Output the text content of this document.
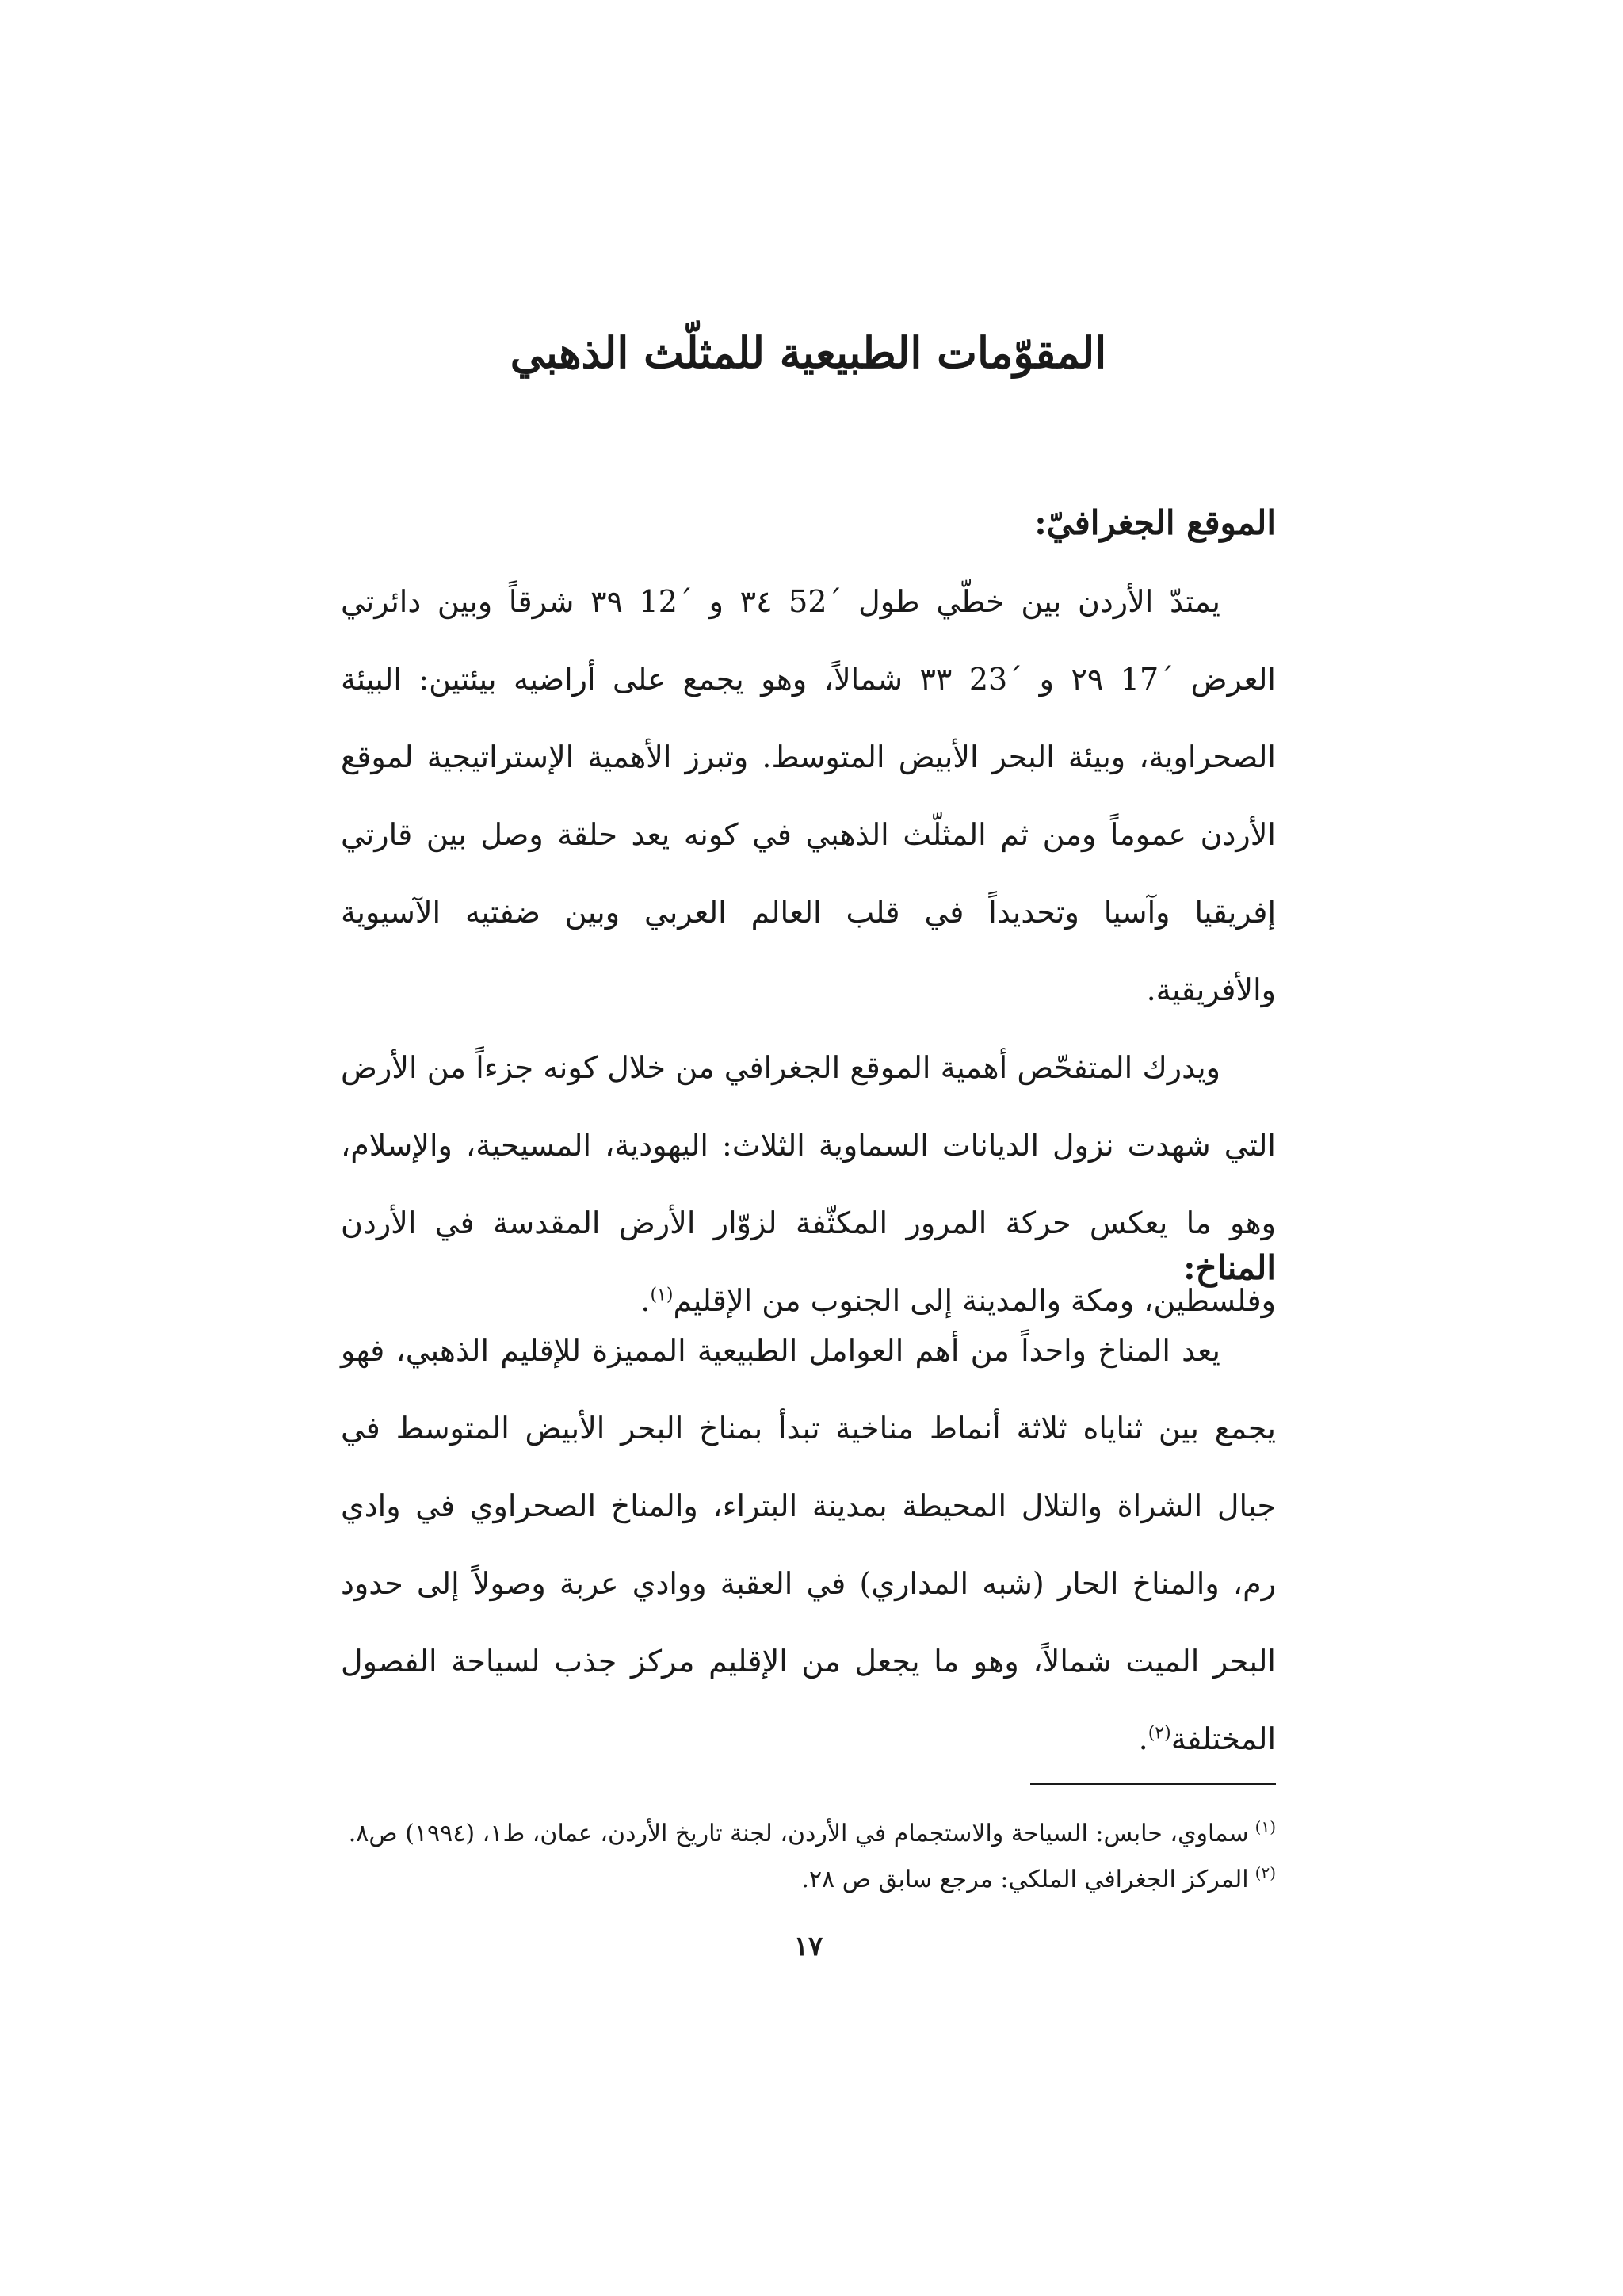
المقوّمات الطبيعية للمثلّث الذهبي
الموقع الجغرافيّ:

يمتدّ الأردن بين خطّي طول ´52 ٣٤ و ´12 ٣٩ شرقاً وبين دائرتي العرض ´17 ٢٩ و ´23 ٣٣ شمالاً، وهو يجمع على أراضيه بيئتين: البيئة الصحراوية، وبيئة البحر الأبيض المتوسط. وتبرز الأهمية الإستراتيجية لموقع الأردن عموماً ومن ثم المثلّث الذهبي في كونه يعد حلقة وصل بين قارتي إفريقيا وآسيا وتحديداً في قلب العالم العربي وبين ضفتيه الآسيوية والأفريقية.

ويدرك المتفحّص أهمية الموقع الجغرافي من خلال كونه جزءاً من الأرض التي شهدت نزول الديانات السماوية الثلاث: اليهودية، المسيحية، والإسلام، وهو ما يعكس حركة المرور المكثّفة لزوّار الأرض المقدسة في الأردن وفلسطين، ومكة والمدينة إلى الجنوب من الإقليم$^{(١)}$.

المناخ:

يعد المناخ واحداً من أهم العوامل الطبيعية المميزة للإقليم الذهبي، فهو يجمع بين ثناياه ثلاثة أنماط مناخية تبدأ بمناخ البحر الأبيض المتوسط في جبال الشراة والتلال المحيطة بمدينة البتراء، والمناخ الصحراوي في وادي رم، والمناخ الحار (شبه المداري) في العقبة ووادي عربة وصولاً إلى حدود البحر الميت شمالاً، وهو ما يجعل من الإقليم مركز جذب لسياحة الفصول المختلفة$^{(٢)}$.

$^{(١)}$سماوي، حابس: السياحة والاستجمام في الأردن، لجنة تاريخ الأردن، عمان، ط١، (١٩٩٤) ص٨.

$^{(٢)}$المركز الجغرافي الملكي: مرجع سابق ص ٢٨.

١٧
